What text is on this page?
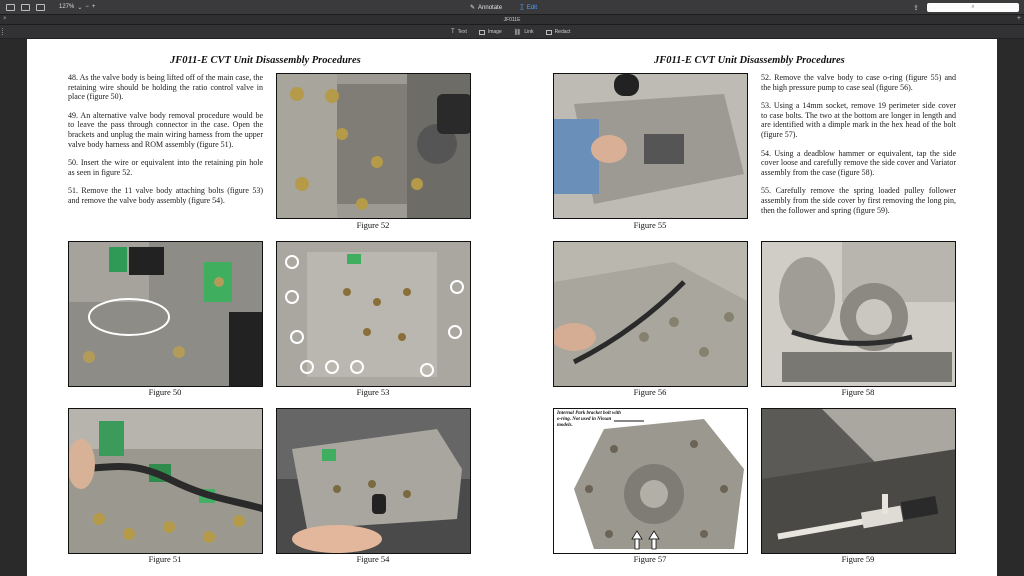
127% ⌄ − +	✎ Annotate	T̲ Edit	⇪	⌕
×	JF011E	+
T Text	Image ⛓ Link	Redact
JF011-E CVT Unit Disassembly Procedures

48. As the valve body is being lifted off of the main case, the retaining wire should be holding the ratio control valve in place (figure 50).

49. An alternative valve body removal procedure would be to leave the pass through connector in the case. Open the brackets and unplug the main wiring harness from the upper valve body harness and ROM assembly (figure 51).

50. Insert the wire or equivalent into the retaining pin hole as seen in figure 52.

51. Remove the 11 valve body attaching bolts (figure 53) and remove the valve body assembly (figure 54).

Figure 52
Figure 50	Figure 53
Figure 51	Figure 54
JF011-E CVT Unit Disassembly Procedures
Figure 55

52. Remove the valve body to case o-ring (figure 55) and the high pressure pump to case seal (figure 56).

53. Using a 14mm socket, remove 19 perimeter side cover to case bolts. The two at the bottom are longer in length and are identified with a dimple mark in the hex head of the bolt (figure 57).

54. Using a deadblow hammer or equivalent, tap the side cover loose and carefully remove the side cover and Variator assembly from the case (figure 58).

55. Carefully remove the spring loaded pulley follower assembly from the side cover by first removing the long pin, then the follower and spring (figure 59).

Figure 56	Figure 58
Internal Park bracket bolt with o-ring. Not used in Nissan models.
Figure 57	Figure 59
